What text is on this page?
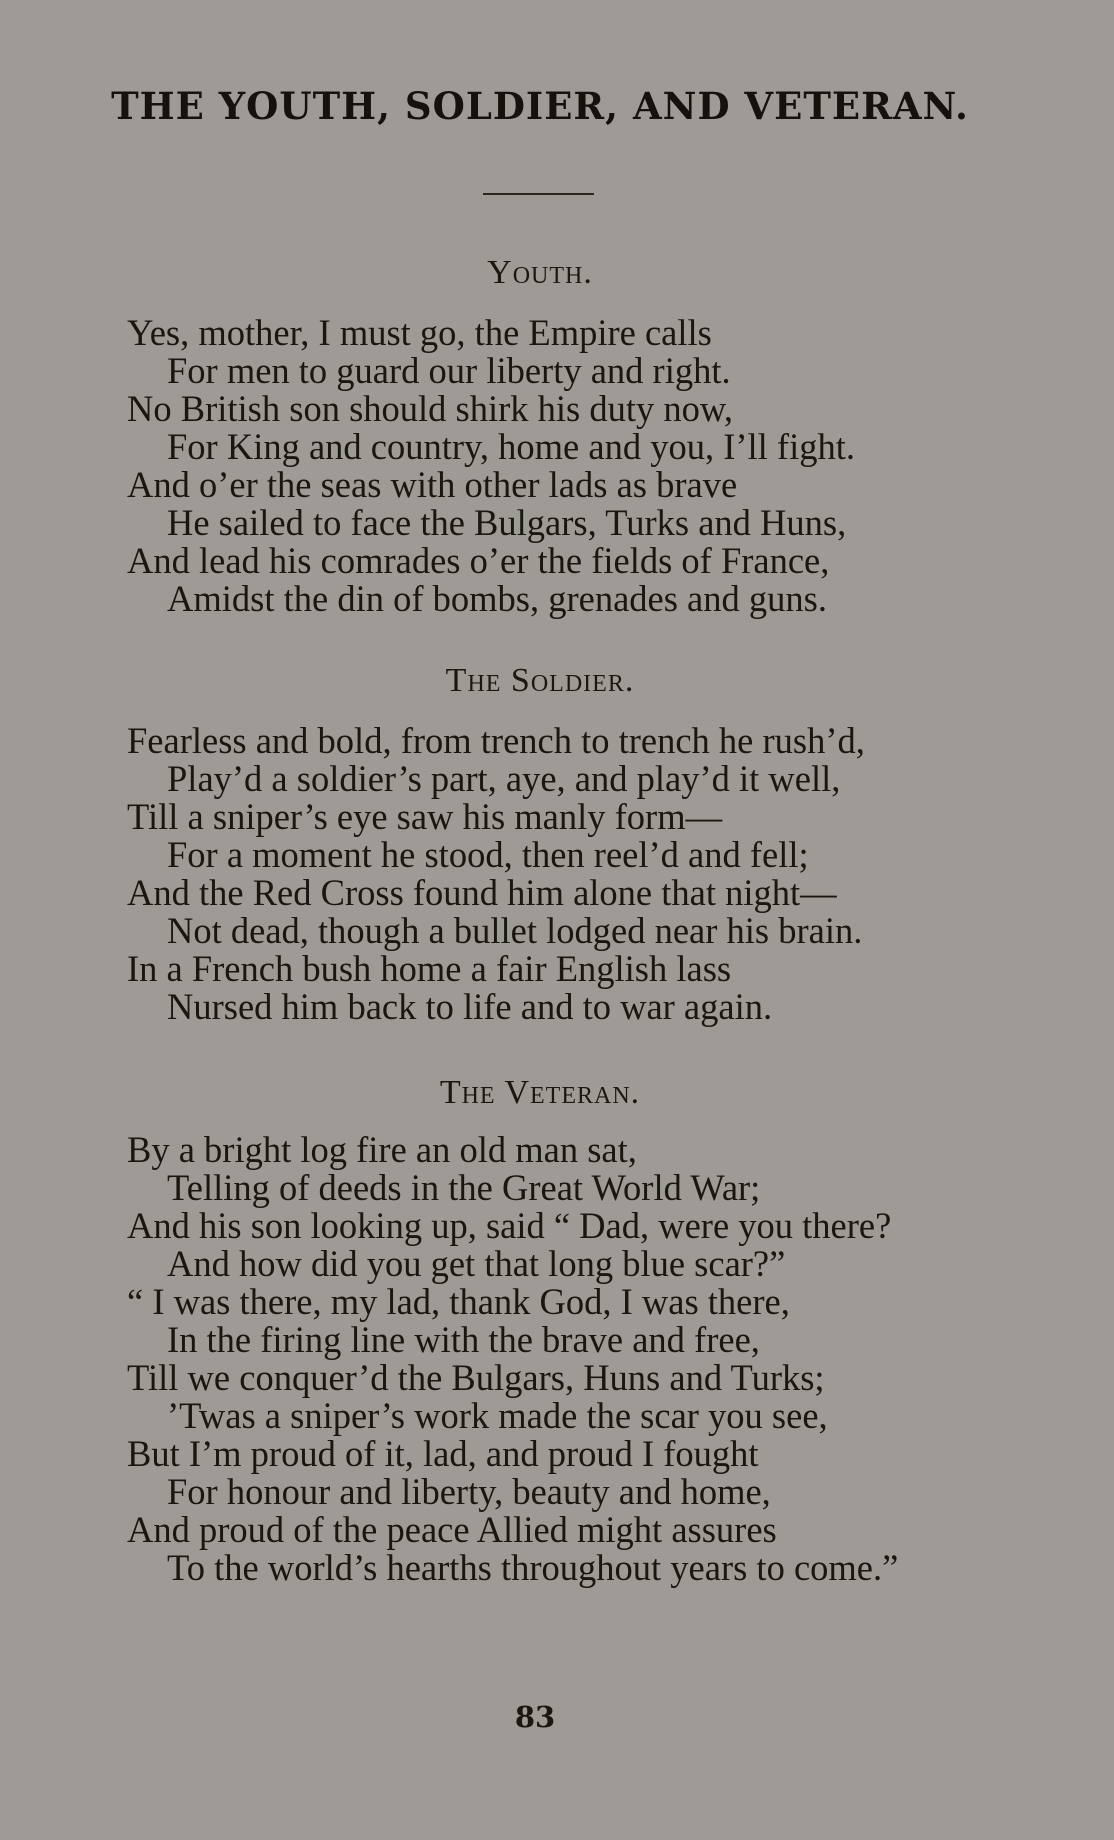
THE YOUTH, SOLDIER, AND VETERAN.
Youth.
Yes, mother, I must go, the Empire calls
For men to guard our liberty and right.
No British son should shirk his duty now,
For King and country, home and you, I’ll fight.
And o’er the seas with other lads as brave
He sailed to face the Bulgars, Turks and Huns,
And lead his comrades o’er the fields of France,
Amidst the din of bombs, grenades and guns.
The Soldier.
Fearless and bold, from trench to trench he rush’d,
Play’d a soldier’s part, aye, and play’d it well,
Till a sniper’s eye saw his manly form—
For a moment he stood, then reel’d and fell;
And the Red Cross found him alone that night—
Not dead, though a bullet lodged near his brain.
In a French bush home a fair English lass
Nursed him back to life and to war again.
The Veteran.
By a bright log fire an old man sat,
Telling of deeds in the Great World War;
And his son looking up, said “ Dad, were you there?
And how did you get that long blue scar?”
“ I was there, my lad, thank God, I was there,
In the firing line with the brave and free,
Till we conquer’d the Bulgars, Huns and Turks;
’Twas a sniper’s work made the scar you see,
But I’m proud of it, lad, and proud I fought
For honour and liberty, beauty and home,
And proud of the peace Allied might assures
To the world’s hearths throughout years to come.”
83
